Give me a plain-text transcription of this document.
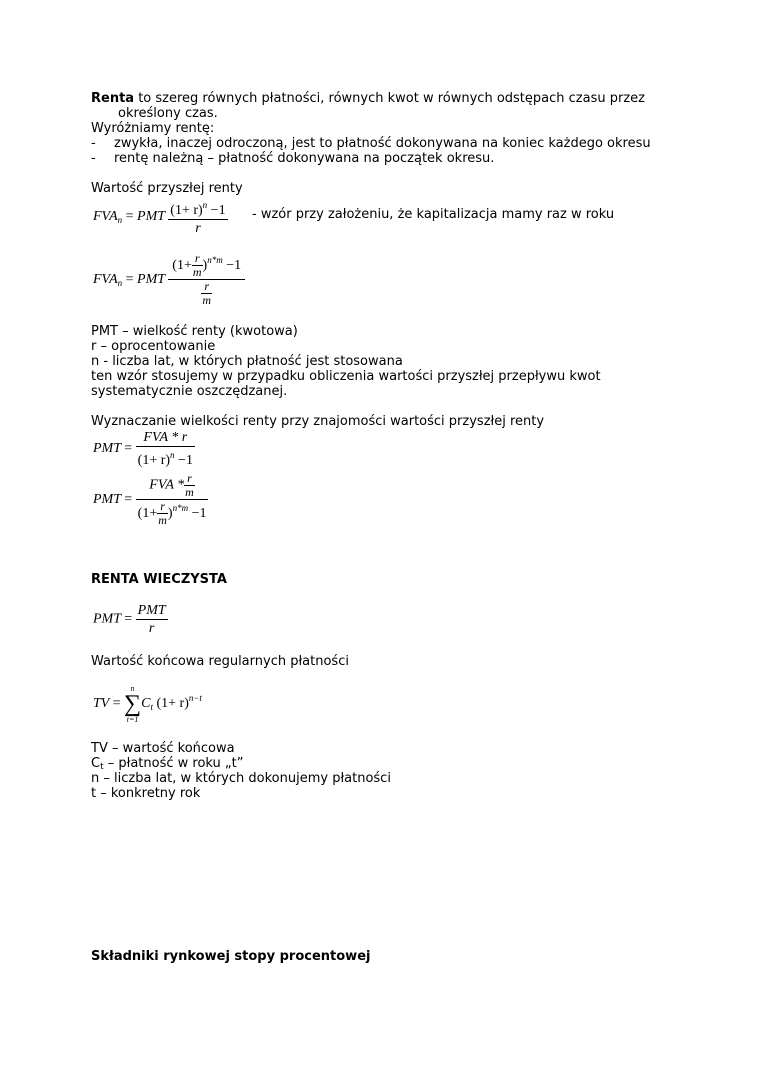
Renta to szereg równych płatności, równych kwot w równych odstępach czasu przez
określony czas.
Wyróżniamy rentę:
- zwykła, inaczej odroczoną, jest to płatność dokonywana na koniec każdego okresu
- rentę należną – płatność dokonywana na początek okresu.
Wartość przyszłej renty
$FVA_n$ = PMT $\frac{(1+ r)^n -1}{r}$ - wzór przy założeniu, że kapitalizacja mamy raz w roku
$FVA_n$ = PMT $\frac{(1+ \frac{r}{m} )^{n*m} -1}{\frac{r}{m}}$
PMT – wielkość renty (kwotowa)
r – oprocentowanie
n - liczba lat, w których płatność jest stosowana
ten wzór stosujemy w przypadku obliczenia wartości przyszłej przepływu kwot
systematycznie oszczędzanej.
Wyznaczanie wielkości renty przy znajomości wartości przyszłej renty
PMT = $\frac{\text{FVA * r}}{(1+ r)^n -1}$
PMT = $\frac{FVA * \frac{r}{m}}{(1+ \frac{r}{m} )^{n*m} -1}$
RENTA WIECZYSTA
PMT = $\frac{\text{PMT}}{r}$
Wartość końcowa regularnych płatności
TV =
n
∑
t=1
$C_t$ $(1+ r)^{n-t}$
TV – wartość końcowa
Ct – płatność w roku „t”
n – liczba lat, w których dokonujemy płatności
t – konkretny rok
Składniki rynkowej stopy procentowej
